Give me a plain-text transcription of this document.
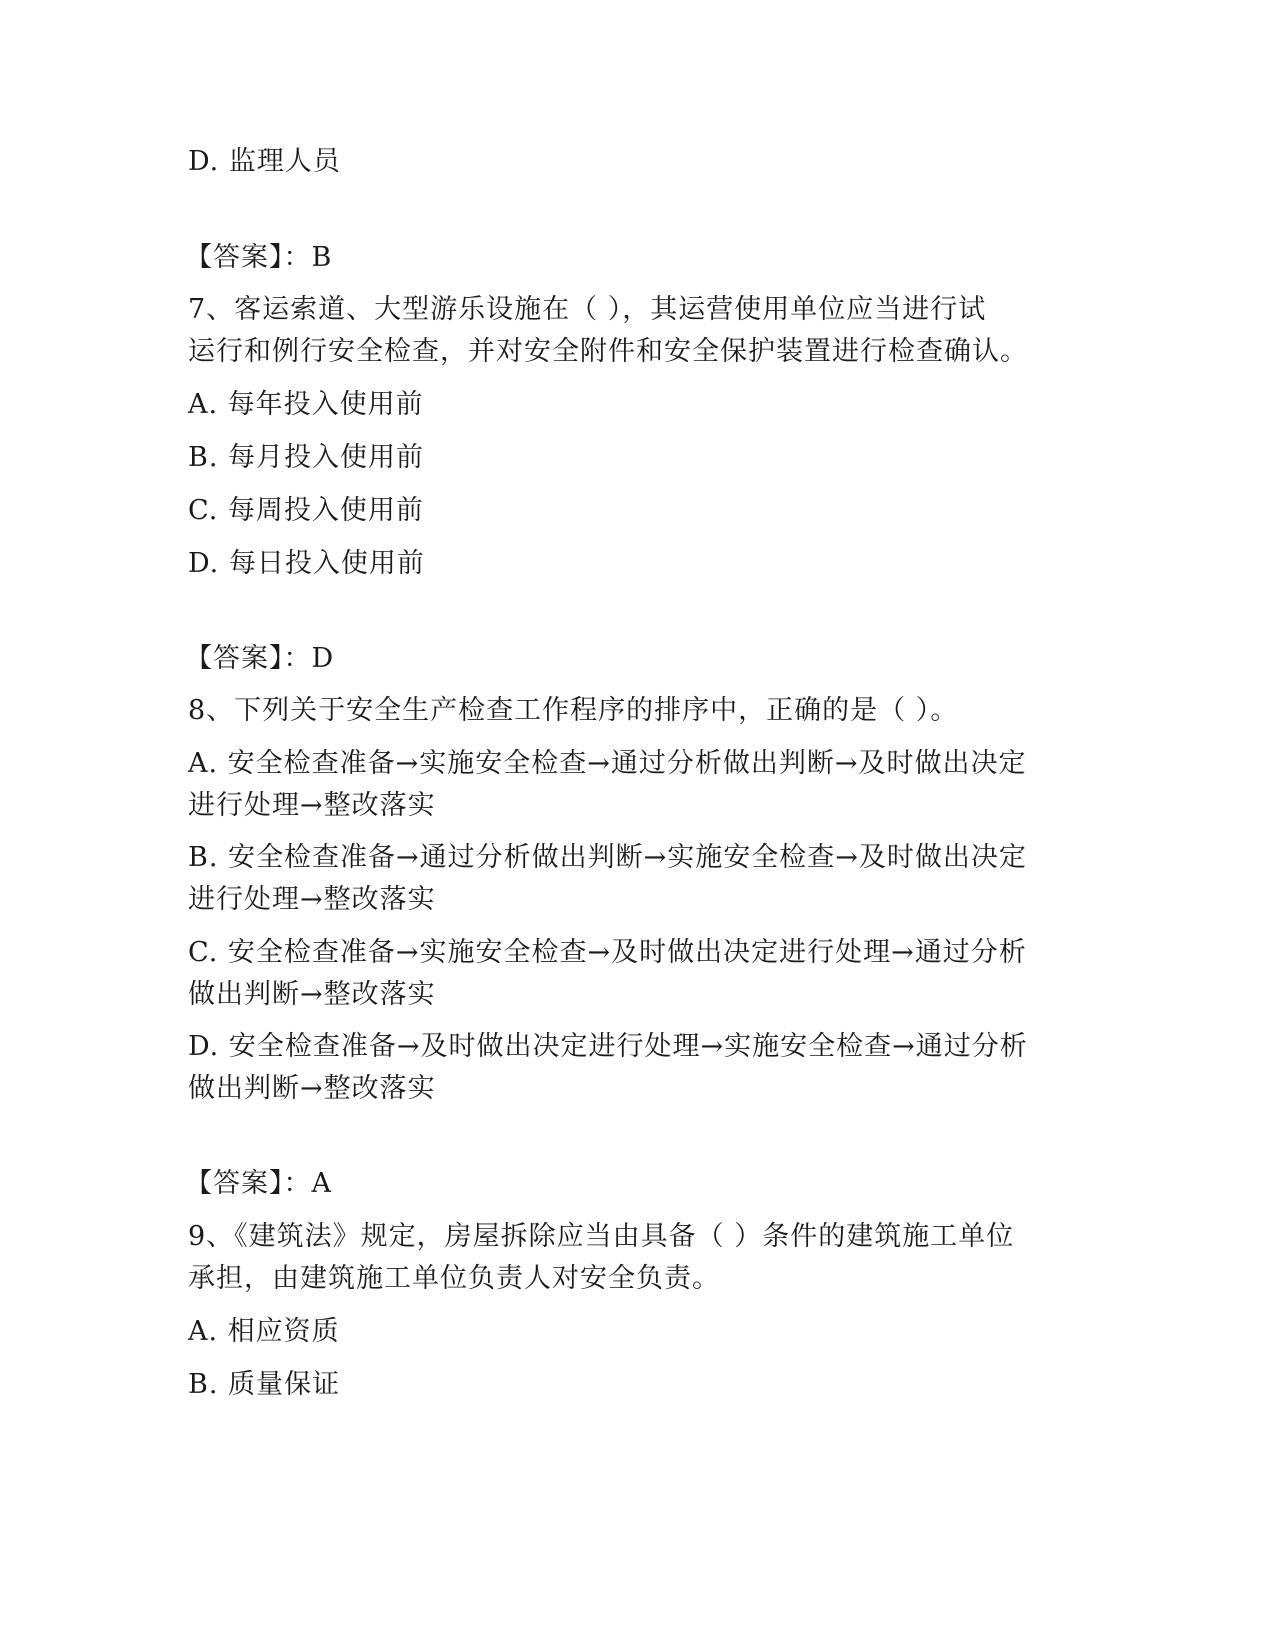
D. 监理人员
【答案】：B
7、客运索道、大型游乐设施在（ ），其运营使用单位应当进行试
运行和例行安全检查，并对安全附件和安全保护装置进行检查确认。
A. 每年投入使用前
B. 每月投入使用前
C. 每周投入使用前
D. 每日投入使用前
【答案】：D
8、下列关于安全生产检查工作程序的排序中，正确的是（ ）。
A. 安全检查准备→实施安全检查→通过分析做出判断→及时做出决定
进行处理→整改落实
B. 安全检查准备→通过分析做出判断→实施安全检查→及时做出决定
进行处理→整改落实
C. 安全检查准备→实施安全检查→及时做出决定进行处理→通过分析
做出判断→整改落实
D. 安全检查准备→及时做出决定进行处理→实施安全检查→通过分析
做出判断→整改落实
【答案】：A
9、《建筑法》规定，房屋拆除应当由具备（ ）条件的建筑施工单位
承担，由建筑施工单位负责人对安全负责。
A. 相应资质
B. 质量保证
